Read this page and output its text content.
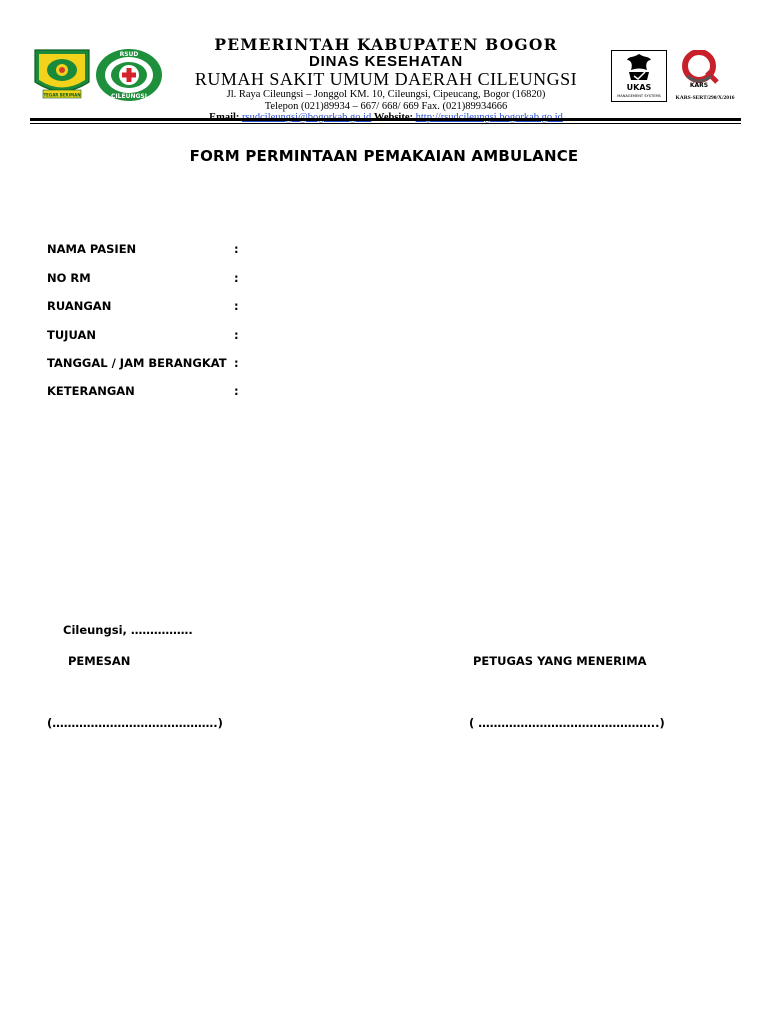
TEGAR BERIMAN
RSUD
CILEUNGSI
UKAS
MANAGEMENT SYSTEMS
KARS
KARS-SERT/290/X/2016
PEMERINTAH KABUPATEN BOGOR
DINAS KESEHATAN
RUMAH SAKIT UMUM DAERAH CILEUNGSI
Jl. Raya Cileungsi – Jonggol KM. 10, Cileungsi, Cipeucang, Bogor (16820)
Telepon (021)89934 – 667/ 668/ 669 Fax. (021)89934666
FORM PERMINTAAN PEMAKAIAN AMBULANCE
NAMA PASIEN	:
NO RM	:
RUANGAN	:
TUJUAN	:
TANGGAL / JAM BERANGKAT :
KETERANGAN	:
Cileungsi, …………….
PEMESAN	PETUGAS YANG MENERIMA
(…………………………………….)	( ………………………………………..)
